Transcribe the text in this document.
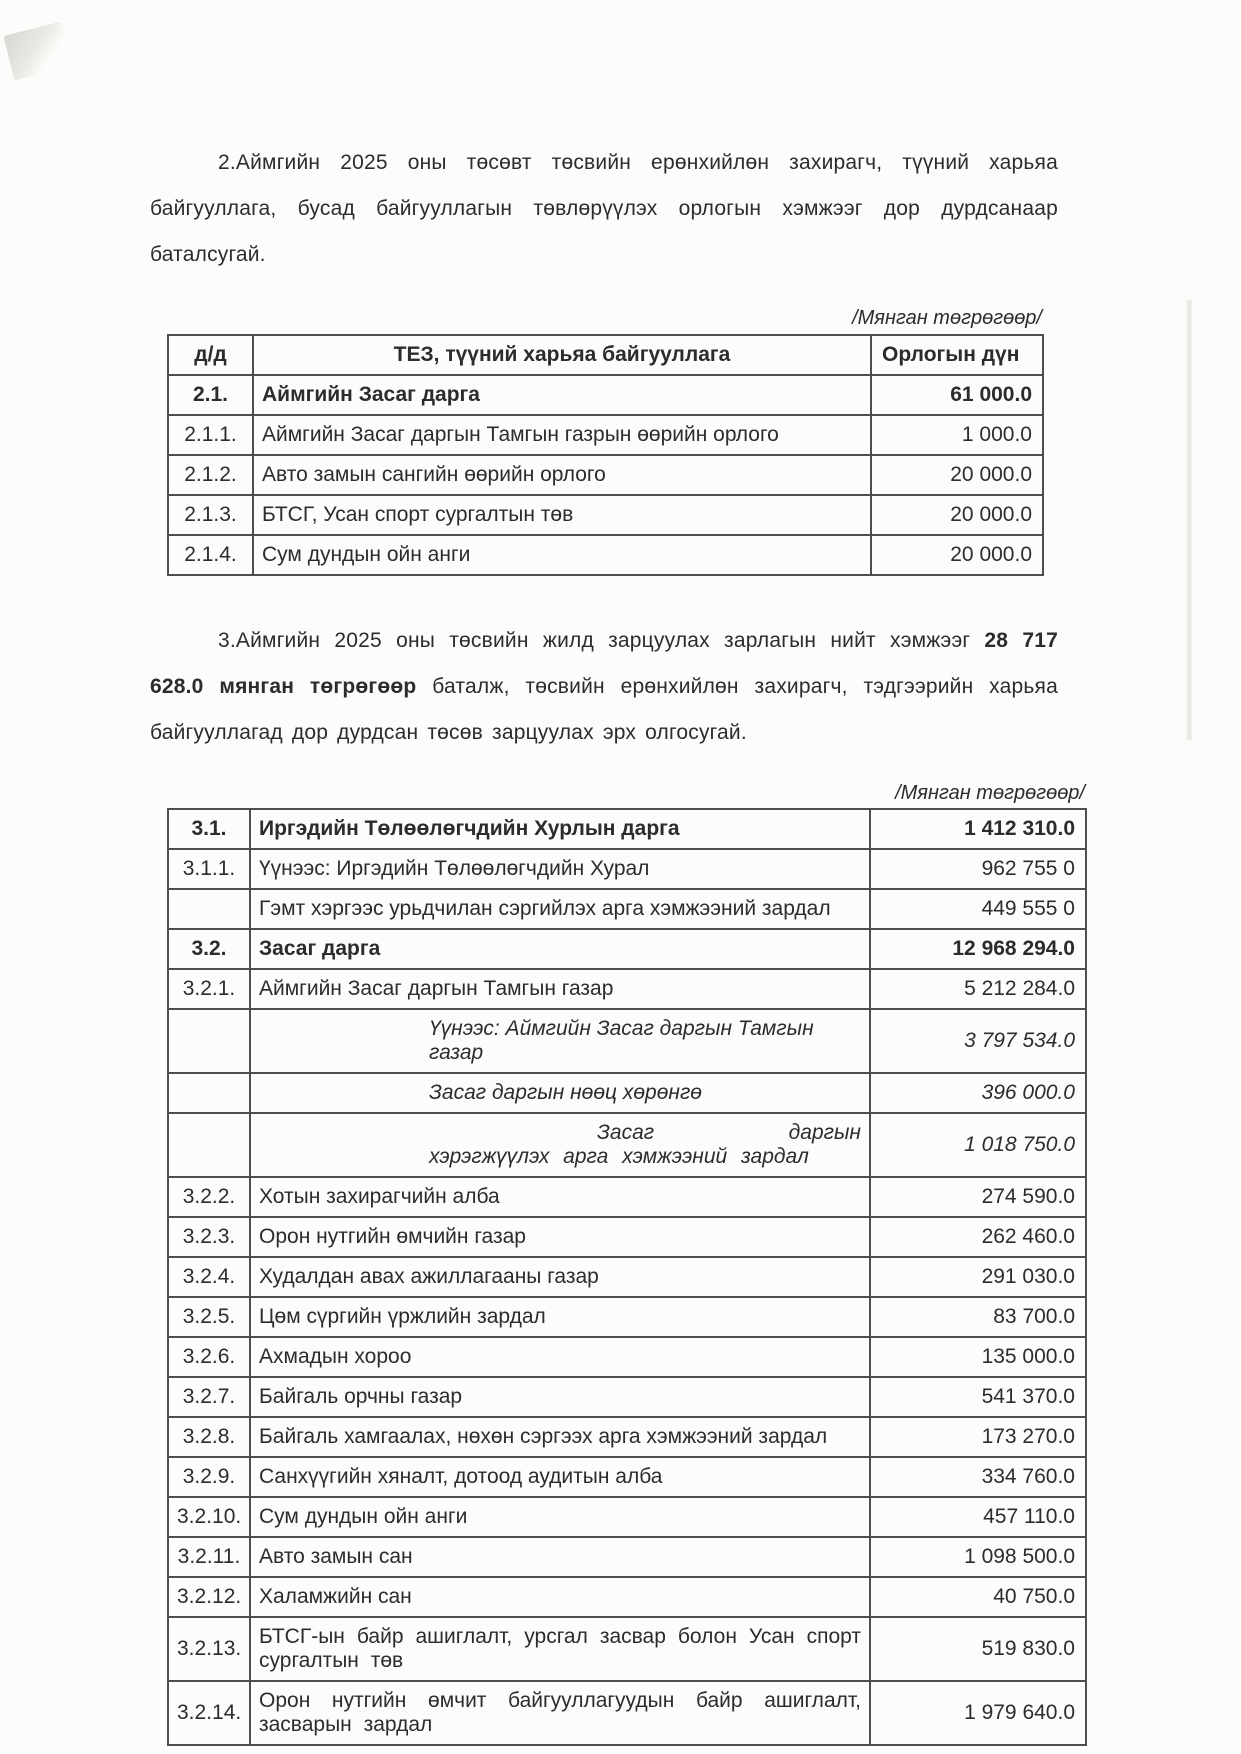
2.Аймгийн 2025 оны төсөвт төсвийн ерөнхийлөн захирагч, түүний харьяа байгууллага, бусад байгууллагын төвлөрүүлэх орлогын хэмжээг дор дурдсанаар баталсугай.

/Мянган төгрөгөөр/

д/д	ТЕЗ, түүний харьяа байгууллага	Орлогын дүн
2.1.	Аймгийн Засаг дарга	61 000.0
2.1.1.	Аймгийн Засаг даргын Тамгын газрын өөрийн орлого	1 000.0
2.1.2.	Авто замын сангийн өөрийн орлого	20 000.0
2.1.3.	БТСГ, Усан спорт сургалтын төв	20 000.0
2.1.4.	Сум дундын ойн анги	20 000.0

3.Аймгийн 2025 оны төсвийн жилд зарцуулах зарлагын нийт хэмжээг 28 717 628.0 мянган төгрөгөөр баталж, төсвийн ерөнхийлөн захирагч, тэдгээрийн харьяа байгууллагад дор дурдсан төсөв зарцуулах эрх олгосугай.

/Мянган төгрөгөөр/

3.1.	Иргэдийн Төлөөлөгчдийн Хурлын дарга	1 412 310.0
3.1.1.	Үүнээс: Иргэдийн Төлөөлөгчдийн Хурал	962 755 0
	Гэмт хэргээс урьдчилан сэргийлэх арга хэмжээний зардал	449 555 0
3.2.	Засаг дарга	12 968 294.0
3.2.1.	Аймгийн Засаг даргын Тамгын газар	5 212 284.0
	Үүнээс: Аймгийн Засаг даргын Тамгын газар	3 797 534.0
	Засаг даргын нөөц хөрөнгө	396 000.0
	Засаг даргын хэрэгжүүлэх арга хэмжээний зардал	1 018 750.0
3.2.2.	Хотын захирагчийн алба	274 590.0
3.2.3.	Орон нутгийн өмчийн газар	262 460.0
3.2.4.	Худалдан авах ажиллагааны газар	291 030.0
3.2.5.	Цөм сүргийн үржлийн зардал	83 700.0
3.2.6.	Ахмадын хороо	135 000.0
3.2.7.	Байгаль орчны газар	541 370.0
3.2.8.	Байгаль хамгаалах, нөхөн сэргээх арга хэмжээний зардал	173 270.0
3.2.9.	Санхүүгийн хяналт, дотоод аудитын алба	334 760.0
3.2.10.	Сум дундын ойн анги	457 110.0
3.2.11.	Авто замын сан	1 098 500.0
3.2.12.	Халамжийн сан	40 750.0
3.2.13.	БТСГ-ын байр ашиглалт, урсгал засвар болон Усан спорт сургалтын төв	519 830.0
3.2.14.	Орон нутгийн өмчит байгууллагуудын байр ашиглалт, засварын зардал	1 979 640.0
